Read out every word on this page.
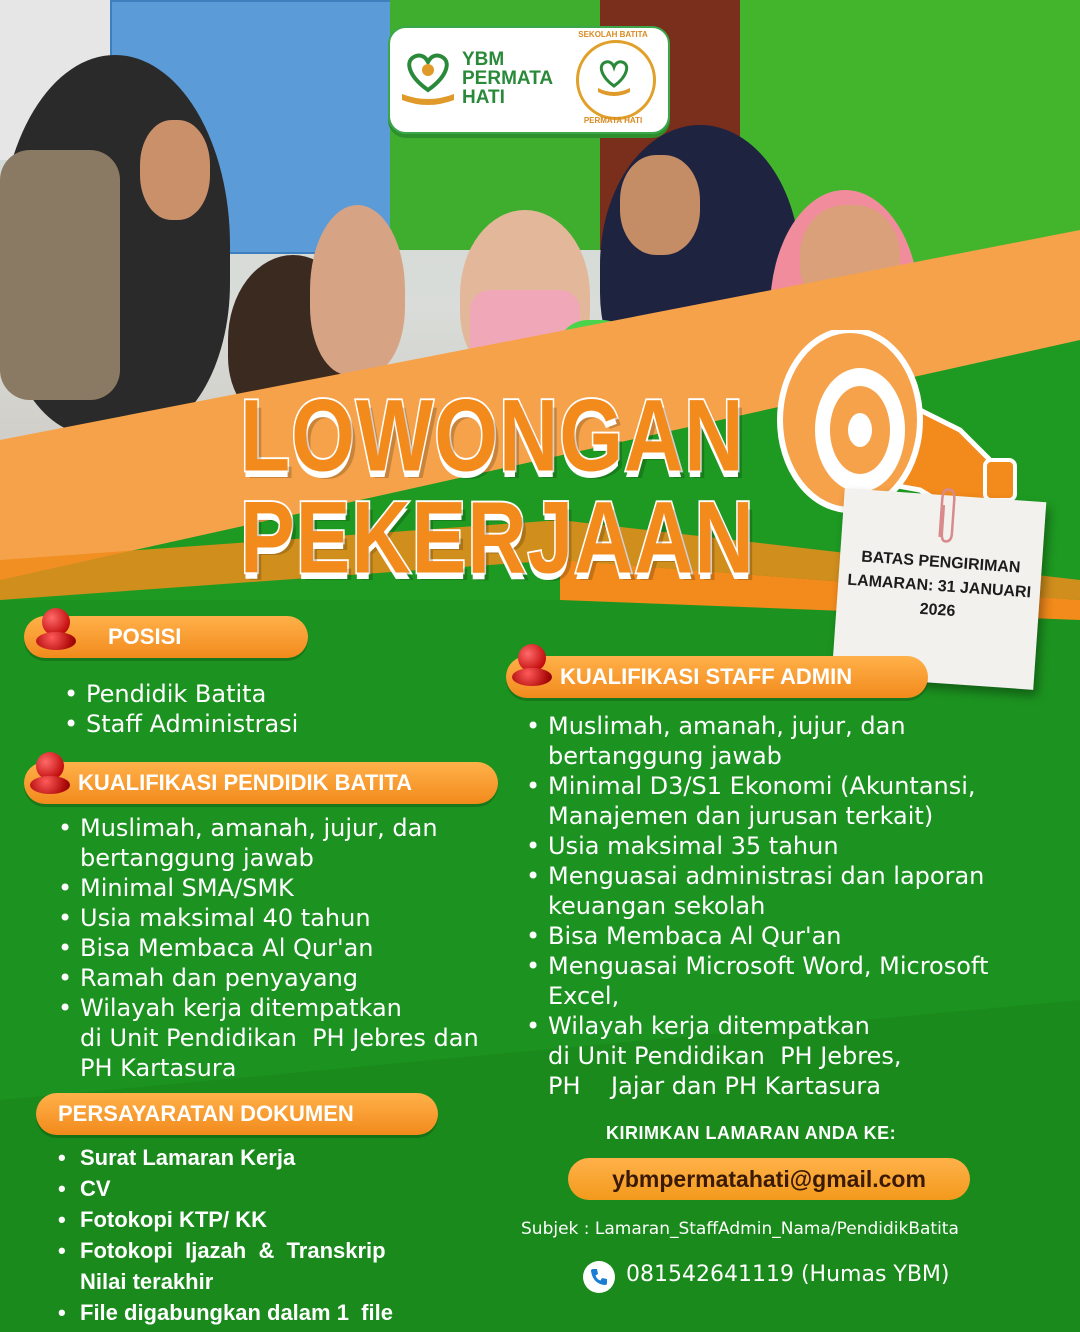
YBM PERMATA HATI
SEKOLAH BATITA
PERMATA HATI
LOWONGAN
PEKERJAAN	BATAS PENGIRIMAN LAMARAN: 31 JANUARI 2026
POSISI
• Pendidik Batita
• Staff Administrasi
KUALIFIKASI PENDIDIK BATITA
• Muslimah, amanah, jujur, dan
bertanggung jawab
• Minimal SMA/SMK
• Usia maksimal 40 tahun
• Bisa Membaca Al Qur'an
• Ramah dan penyayang
• Wilayah kerja ditempatkan
di Unit Pendidikan  PH Jebres dan
PH Kartasura
PERSAYARATAN DOKUMEN
• Surat Lamaran Kerja
• CV
• Fotokopi KTP/ KK
• Fotokopi  Ijazah  &  Transkrip
Nilai terakhir
• File digabungkan dalam 1  file
KUALIFIKASI STAFF ADMIN
• Muslimah, amanah, jujur, dan
bertanggung jawab
• Minimal D3/S1 Ekonomi (Akuntansi,
Manajemen dan jurusan terkait)
• Usia maksimal 35 tahun
• Menguasai administrasi dan laporan
keuangan sekolah
• Bisa Membaca Al Qur'an
• Menguasai Microsoft Word, Microsoft
Excel,
• Wilayah kerja ditempatkan
di Unit Pendidikan  PH Jebres,
PH    Jajar dan PH Kartasura
KIRIMKAN LAMARAN ANDA KE:
ybmpermatahati@gmail.com
Subjek : Lamaran_StaffAdmin_Nama/PendidikBatita
081542641119 (Humas YBM)
